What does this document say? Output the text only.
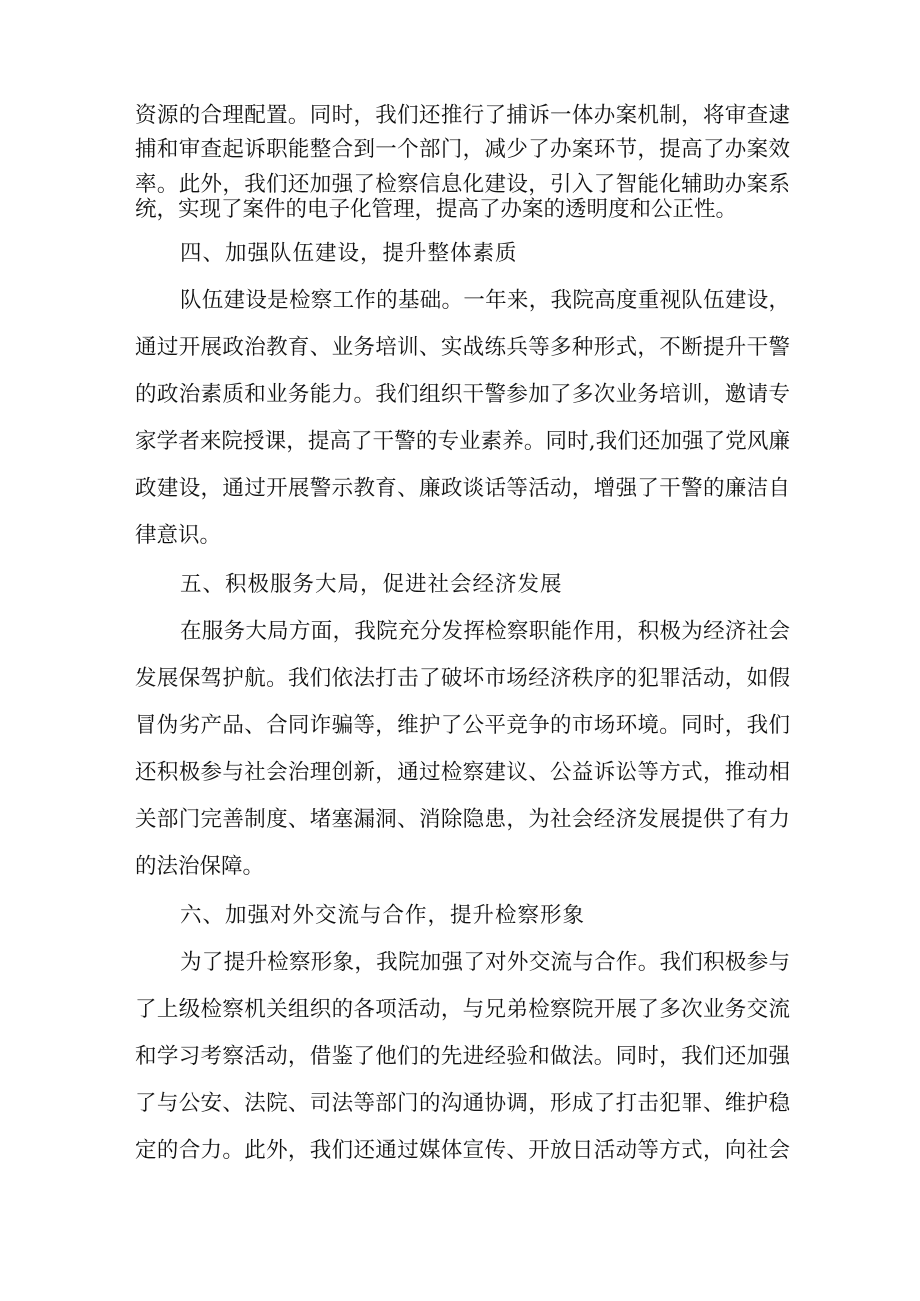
资源的合理配置。同时，我们还推行了捕诉一体办案机制，将审查逮
捕和审查起诉职能整合到一个部门，减少了办案环节，提高了办案效
率。此外，我们还加强了检察信息化建设，引入了智能化辅助办案系
统，实现了案件的电子化管理，提高了办案的透明度和公正性。
四、加强队伍建设，提升整体素质
队伍建设是检察工作的基础。一年来，我院高度重视队伍建设，
通过开展政治教育、业务培训、实战练兵等多种形式，不断提升干警
的政治素质和业务能力。我们组织干警参加了多次业务培训，邀请专
家学者来院授课，提高了干警的专业素养。同时,我们还加强了党风廉
政建设，通过开展警示教育、廉政谈话等活动，增强了干警的廉洁自
律意识。
五、积极服务大局，促进社会经济发展
在服务大局方面，我院充分发挥检察职能作用，积极为经济社会
发展保驾护航。我们依法打击了破坏市场经济秩序的犯罪活动，如假
冒伪劣产品、合同诈骗等，维护了公平竞争的市场环境。同时，我们
还积极参与社会治理创新，通过检察建议、公益诉讼等方式，推动相
关部门完善制度、堵塞漏洞、消除隐患，为社会经济发展提供了有力
的法治保障。
六、加强对外交流与合作，提升检察形象
为了提升检察形象，我院加强了对外交流与合作。我们积极参与
了上级检察机关组织的各项活动，与兄弟检察院开展了多次业务交流
和学习考察活动，借鉴了他们的先进经验和做法。同时，我们还加强
了与公安、法院、司法等部门的沟通协调，形成了打击犯罪、维护稳
定的合力。此外，我们还通过媒体宣传、开放日活动等方式，向社会
